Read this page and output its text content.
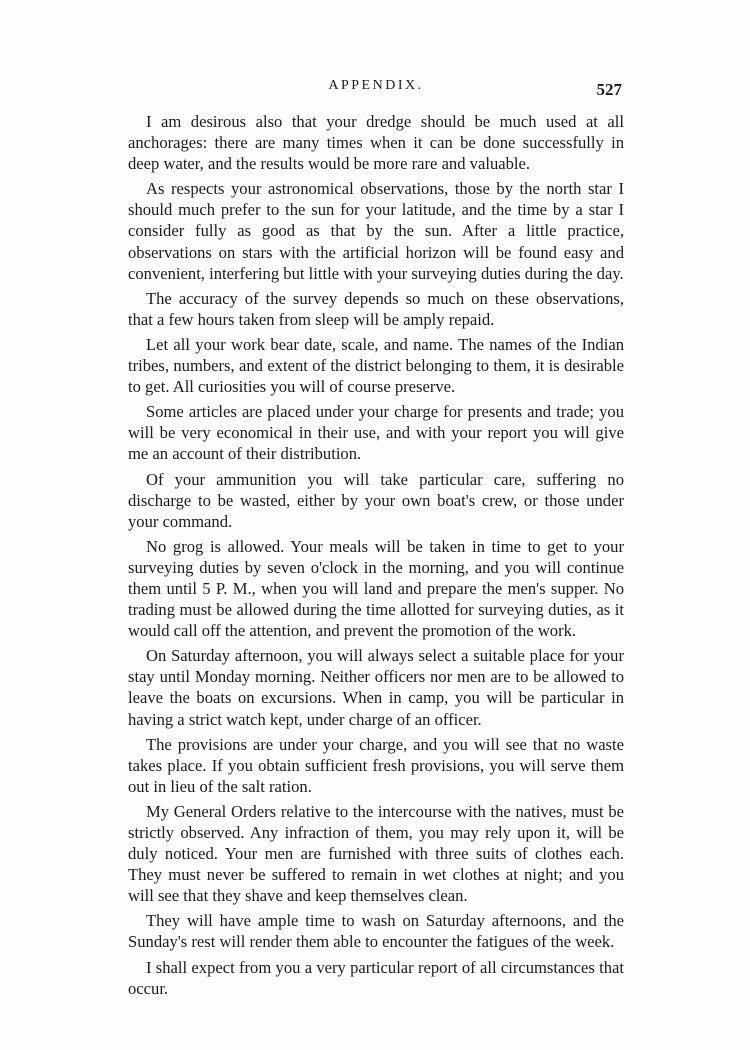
APPENDIX.	527

I am desirous also that your dredge should be much used at all anchorages: there are many times when it can be done successfully in deep water, and the results would be more rare and valuable.

As respects your astronomical observations, those by the north star I should much prefer to the sun for your latitude, and the time by a star I consider fully as good as that by the sun. After a little practice, observations on stars with the artificial horizon will be found easy and convenient, interfering but little with your surveying duties during the day.

The accuracy of the survey depends so much on these observations, that a few hours taken from sleep will be amply repaid.

Let all your work bear date, scale, and name. The names of the Indian tribes, numbers, and extent of the district belonging to them, it is desirable to get. All curiosities you will of course preserve.

Some articles are placed under your charge for presents and trade; you will be very economical in their use, and with your report you will give me an account of their distribution.

Of your ammunition you will take particular care, suffering no discharge to be wasted, either by your own boat's crew, or those under your command.

No grog is allowed. Your meals will be taken in time to get to your surveying duties by seven o'clock in the morning, and you will continue them until 5 P. M., when you will land and prepare the men's supper. No trading must be allowed during the time allotted for surveying duties, as it would call off the attention, and prevent the promotion of the work.

On Saturday afternoon, you will always select a suitable place for your stay until Monday morning. Neither officers nor men are to be allowed to leave the boats on excursions. When in camp, you will be particular in having a strict watch kept, under charge of an officer.

The provisions are under your charge, and you will see that no waste takes place. If you obtain sufficient fresh provisions, you will serve them out in lieu of the salt ration.

My General Orders relative to the intercourse with the natives, must be strictly observed. Any infraction of them, you may rely upon it, will be duly noticed. Your men are furnished with three suits of clothes each. They must never be suffered to remain in wet clothes at night; and you will see that they shave and keep themselves clean.

They will have ample time to wash on Saturday afternoons, and the Sunday's rest will render them able to encounter the fatigues of the week.

I shall expect from you a very particular report of all circumstances that occur.
